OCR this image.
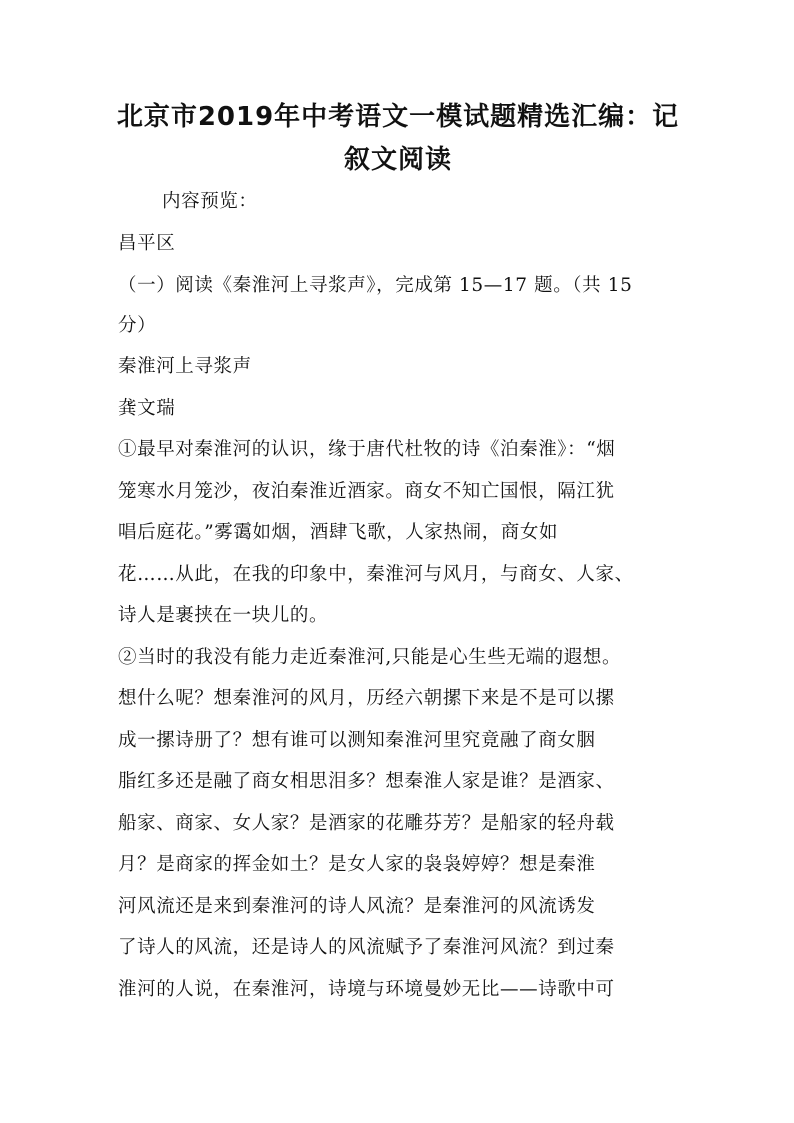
北京市2019年中考语文一模试题精选汇编：记
叙文阅读
内容预览：
昌平区
（一）阅读《秦淮河上寻浆声》，完成第 15—17 题。（共 15
分）
秦淮河上寻浆声
龚文瑞
①最早对秦淮河的认识，缘于唐代杜牧的诗《泊秦淮》：“烟
笼寒水月笼沙，夜泊秦淮近酒家。商女不知亡国恨，隔江犹
唱后庭花。”雾霭如烟，酒肆飞歌，人家热闹，商女如
花……从此，在我的印象中，秦淮河与风月，与商女、人家、
诗人是裹挟在一块儿的。
②当时的我没有能力走近秦淮河,只能是心生些无端的遐想。
想什么呢？想秦淮河的风月，历经六朝摞下来是不是可以摞
成一摞诗册了？想有谁可以测知秦淮河里究竟融了商女胭
脂红多还是融了商女相思泪多？想秦淮人家是谁？是酒家、
船家、商家、女人家？是酒家的花雕芬芳？是船家的轻舟载
月？是商家的挥金如土？是女人家的袅袅婷婷？想是秦淮
河风流还是来到秦淮河的诗人风流？是秦淮河的风流诱发
了诗人的风流，还是诗人的风流赋予了秦淮河风流？到过秦
淮河的人说，在秦淮河，诗境与环境曼妙无比——诗歌中可
